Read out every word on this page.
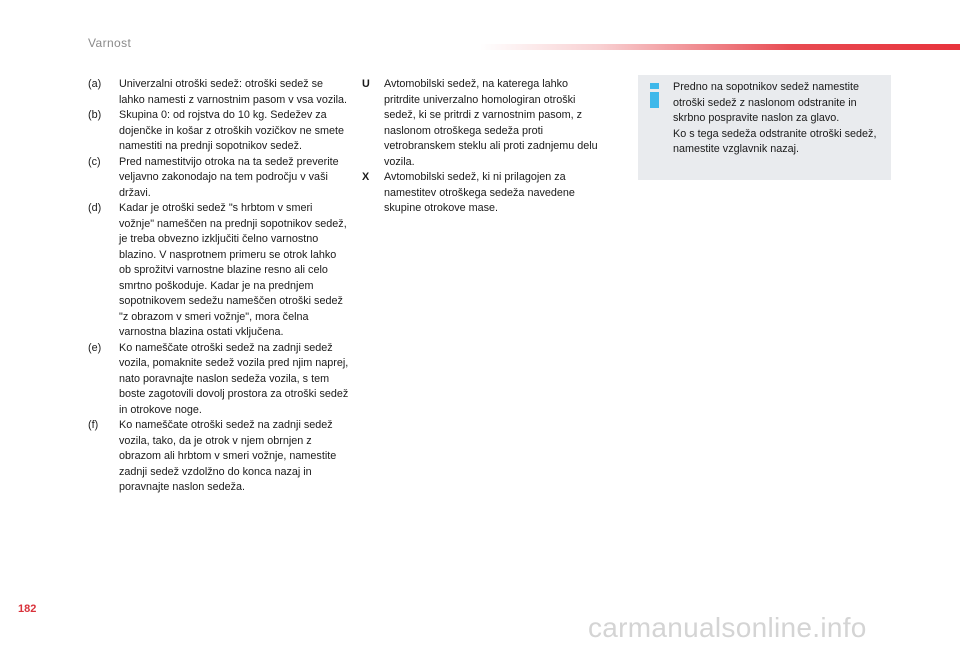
Varnost
(a)	Univerzalni otroški sedež: otroški sedež se lahko namesti z varnostnim pasom v vsa vozila.
(b)	Skupina 0: od rojstva do 10 kg. Sedežev za dojenčke in košar z otroških vozičkov ne smete namestiti na prednji sopotnikov sedež.
(c)	Pred namestitvijo otroka na ta sedež preverite veljavno zakonodajo na tem področju v vaši državi.
(d)	Kadar je otroški sedež "s hrbtom v smeri vožnje" nameščen na prednji sopotnikov sedež, je treba obvezno izključiti čelno varnostno blazino. V nasprotnem primeru se otrok lahko ob sprožitvi varnostne blazine resno ali celo smrtno poškoduje. Kadar je na prednjem sopotnikovem sedežu nameščen otroški sedež "z obrazom v smeri vožnje", mora čelna varnostna blazina ostati vključena.
(e)	Ko nameščate otroški sedež na zadnji sedež vozila, pomaknite sedež vozila pred njim naprej, nato poravnajte naslon sedeža vozila, s tem boste zagotovili dovolj prostora za otroški sedež in otrokove noge.
(f)	Ko nameščate otroški sedež na zadnji sedež vozila, tako, da je otrok v njem obrnjen z obrazom ali hrbtom v smeri vožnje, namestite zadnji sedež vzdolžno do konca nazaj in poravnajte naslon sedeža.
U	Avtomobilski sedež, na katerega lahko pritrdite univerzalno homologiran otroški sedež, ki se pritrdi z varnostnim pasom, z naslonom otroškega sedeža proti vetrobranskem steklu ali proti zadnjemu delu vozila.
X	Avtomobilski sedež, ki ni prilagojen za namestitev otroškega sedeža navedene skupine otrokove mase.
Predno na sopotnikov sedež namestite otroški sedež z naslonom odstranite in skrbno pospravite naslon za glavo.
Ko s tega sedeža odstranite otroški sedež, namestite vzglavnik nazaj.
182
carmanualsonline.info
